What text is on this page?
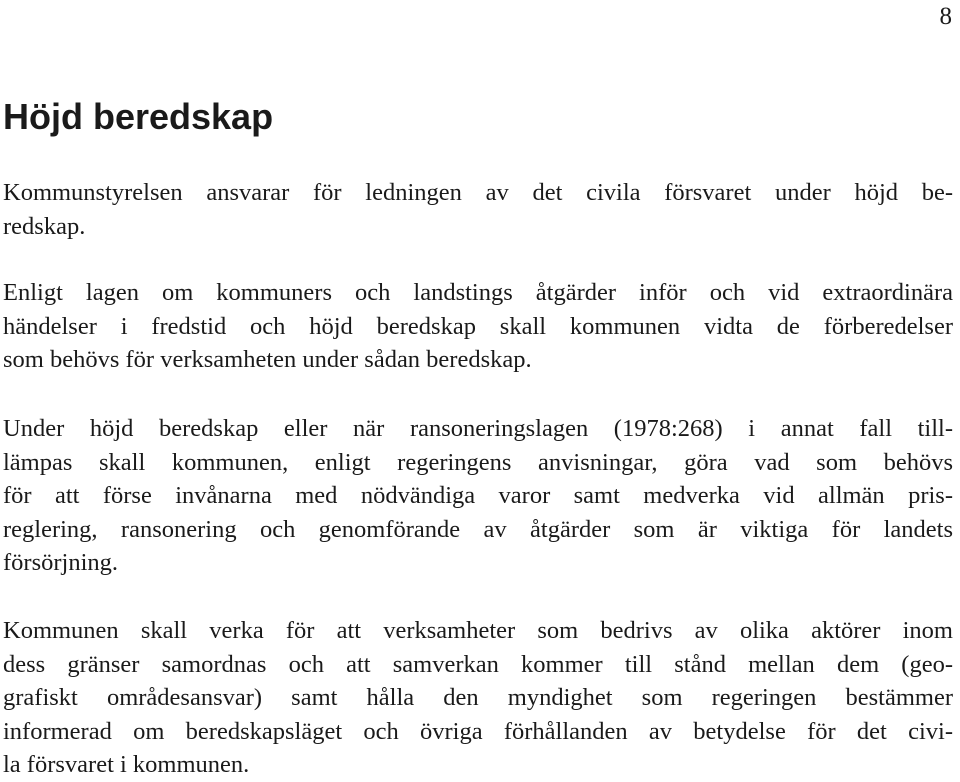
8
Höjd beredskap
Kommunstyrelsen ansvarar för ledningen av det civila försvaret under höjd be-
redskap.
Enligt lagen om kommuners och landstings åtgärder inför och vid extraordinära
händelser i fredstid och höjd beredskap skall kommunen vidta de förberedelser
som behövs för verksamheten under sådan beredskap.
Under höjd beredskap eller när ransoneringslagen (1978:268) i annat fall till-
lämpas skall kommunen, enligt regeringens anvisningar, göra vad som behövs
för att förse invånarna med nödvändiga varor samt medverka vid allmän pris-
reglering, ransonering och genomförande av åtgärder som är viktiga för landets
försörjning.
Kommunen skall verka för att verksamheter som bedrivs av olika aktörer inom
dess gränser samordnas och att samverkan kommer till stånd mellan dem (geo-
grafiskt områdesansvar) samt hålla den myndighet som regeringen bestämmer
informerad om beredskapsläget och övriga förhållanden av betydelse för det civi-
la försvaret i kommunen.
